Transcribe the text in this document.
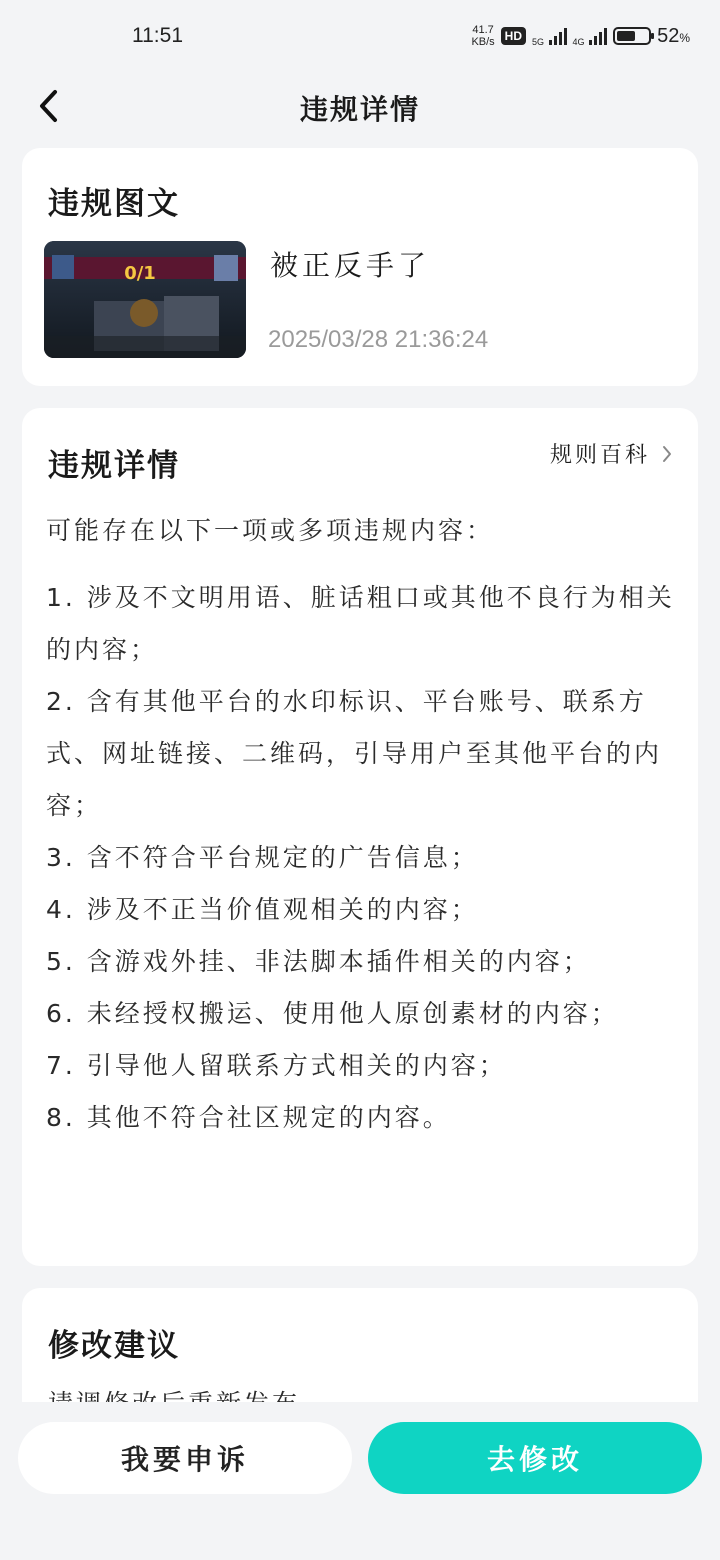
11:51	41.7
KB/s HD	5G	4G	52%
违规详情
违规图文
0/1	被正反手了
2025/03/28 21:36:24
违规详情	规则百科
可能存在以下一项或多项违规内容：
1. 涉及不文明用语、脏话粗口或其他不良行为相关的内容；
2. 含有其他平台的水印标识、平台账号、联系方式、网址链接、二维码，引导用户至其他平台的内容；
3. 含不符合平台规定的广告信息；
4. 涉及不正当价值观相关的内容；
5. 含游戏外挂、非法脚本插件相关的内容；
6. 未经授权搬运、使用他人原创素材的内容；
7. 引导他人留联系方式相关的内容；
8. 其他不符合社区规定的内容。
修改建议
我要申诉	去修改
